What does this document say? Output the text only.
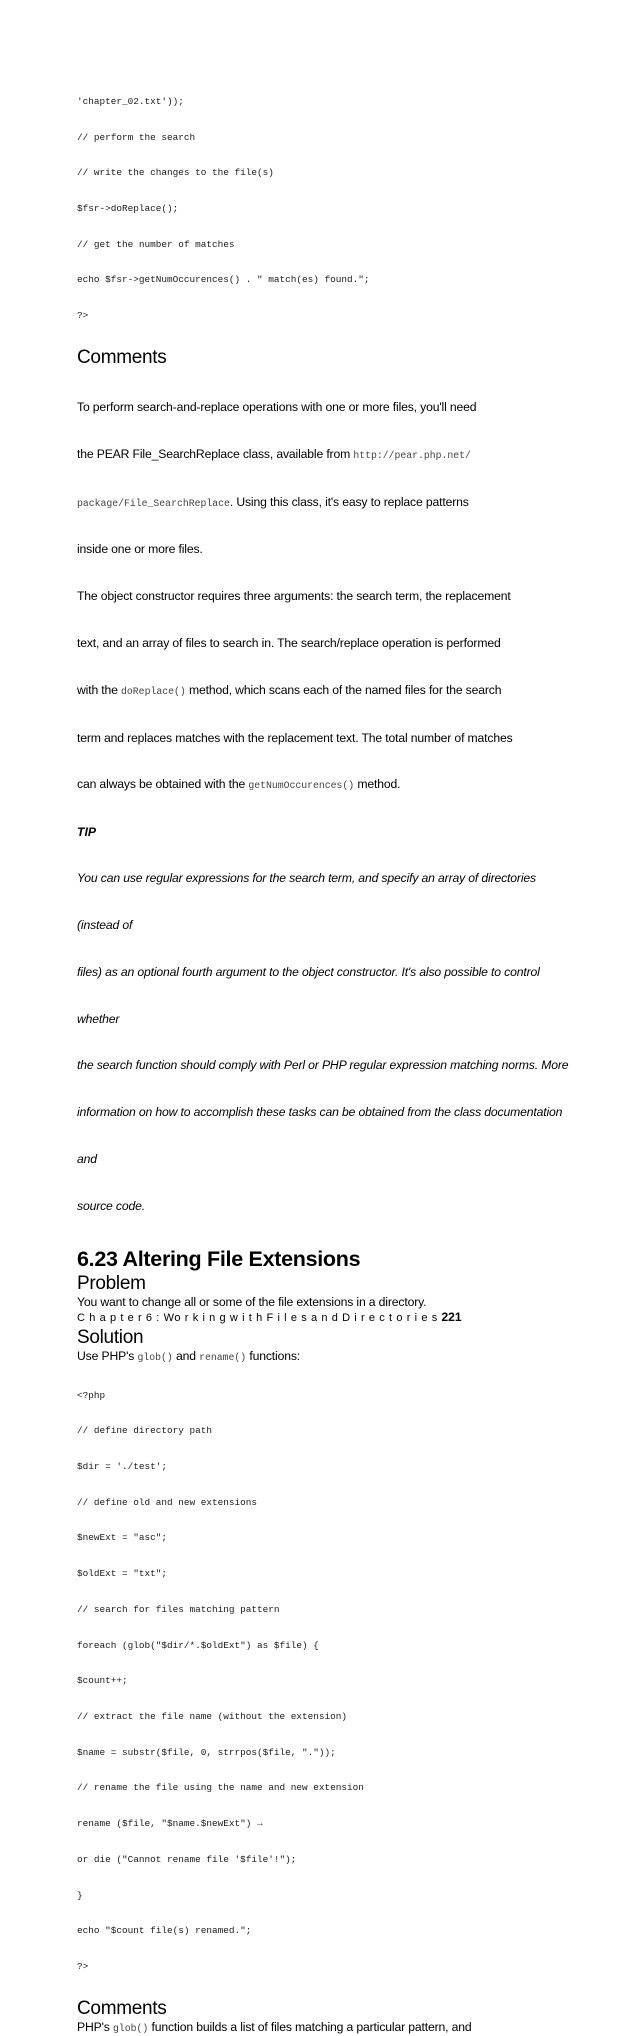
'chapter_02.txt'));

// perform the search

// write the changes to the file(s)

$fsr->doReplace();

// get the number of matches

echo $fsr->getNumOccurences() . " match(es) found.";

?>

Comments

To perform search-and-replace operations with one or more files, you'll need

the PEAR File_SearchReplace class, available from http://pear.php.net/

package/File_SearchReplace. Using this class, it's easy to replace patterns

inside one or more files.

The object constructor requires three arguments: the search term, the replacement

text, and an array of files to search in. The search/replace operation is performed

with the doReplace() method, which scans each of the named files for the search

term and replaces matches with the replacement text. The total number of matches

can always be obtained with the getNumOccurences() method.

TIP

You can use regular expressions for the search term, and specify an array of directories

(instead of

files) as an optional fourth argument to the object constructor. It's also possible to control

whether

the search function should comply with Perl or PHP regular expression matching norms. More

information on how to accomplish these tasks can be obtained from the class documentation

and

source code.

6.23 Altering File Extensions
Problem
You want to change all or some of the file extensions in a directory.
C h a p t e r 6 : Wo r k i n g w i t h F i l e s a n d D i r e c t o r i e s 221
Solution
Use PHP's glob() and rename() functions:

<?php

// define directory path

$dir = './test';

// define old and new extensions

$newExt = "asc";

$oldExt = "txt";

// search for files matching pattern

foreach (glob("$dir/*.$oldExt") as $file) {

$count++;

// extract the file name (without the extension)

$name = substr($file, 0, strrpos($file, "."));

// rename the file using the name and new extension

rename ($file, "$name.$newExt") →

or die ("Cannot rename file '$file'!");

}

echo "$count file(s) renamed.";

?>

Comments
PHP's glob() function builds a list of files matching a particular pattern, and
